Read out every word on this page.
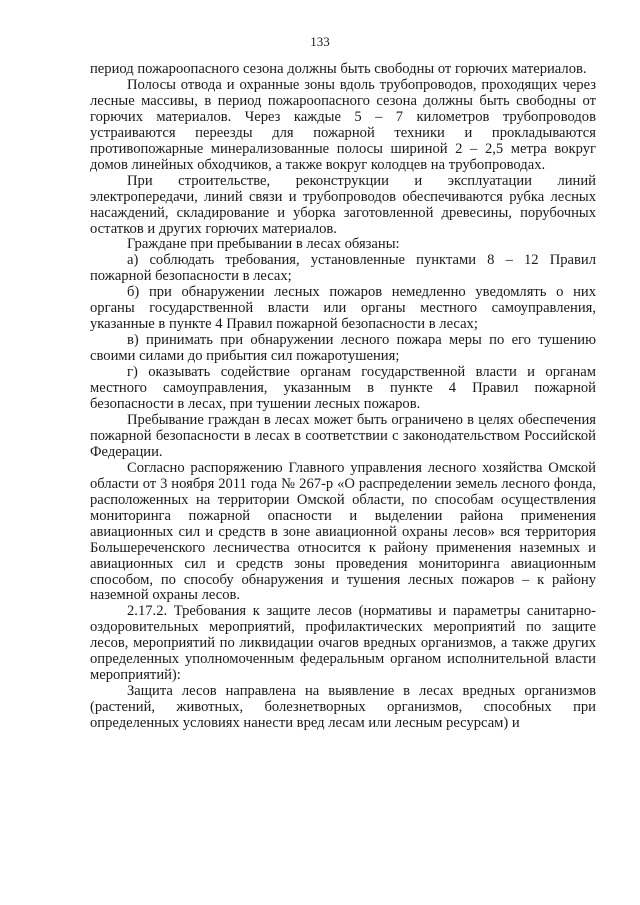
133

период пожароопасного сезона должны быть свободны от горючих материалов.

Полосы отвода и охранные зоны вдоль трубопроводов, проходящих через лесные массивы, в период пожароопасного сезона должны быть свободны от горючих материалов. Через каждые 5 – 7 километров трубопроводов устраиваются переезды для пожарной техники и прокладываются противопожарные минерализованные полосы шириной 2 – 2,5 метра вокруг домов линейных обходчиков, а также вокруг колодцев на трубопроводах.

При строительстве, реконструкции и эксплуатации линий электропередачи, линий связи и трубопроводов обеспечиваются рубка лесных насаждений, складирование и уборка заготовленной древесины, порубочных остатков и других горючих материалов.

Граждане при пребывании в лесах обязаны:

а) соблюдать требования, установленные пунктами 8 – 12 Правил пожарной безопасности в лесах;

б) при обнаружении лесных пожаров немедленно уведомлять о них органы государственной власти или органы местного самоуправления, указанные в пункте 4 Правил пожарной безопасности в лесах;

в) принимать при обнаружении лесного пожара меры по его тушению своими силами до прибытия сил пожаротушения;

г) оказывать содействие органам государственной власти и органам местного самоуправления, указанным в пункте 4 Правил пожарной безопасности в лесах, при тушении лесных пожаров.

Пребывание граждан в лесах может быть ограничено в целях обеспечения пожарной безопасности в лесах в соответствии с законодательством Российской Федерации.

Согласно распоряжению Главного управления лесного хозяйства Омской области от 3 ноября 2011 года № 267-р «О распределении земель лесного фонда, расположенных на территории Омской области, по способам осуществления мониторинга пожарной опасности и выделении района применения авиационных сил и средств в зоне авиационной охраны лесов» вся территория Большереченского лесничества относится к району применения наземных и авиационных сил и средств зоны проведения мониторинга авиационным способом, по способу обнаружения и тушения лесных пожаров – к району наземной охраны лесов.

2.17.2. Требования к защите лесов (нормативы и параметры санитарно-оздоровительных мероприятий, профилактических мероприятий по защите лесов, мероприятий по ликвидации очагов вредных организмов, а также других определенных уполномоченным федеральным органом исполнительной власти мероприятий):

Защита лесов направлена на выявление в лесах вредных организмов (растений, животных, болезнетворных организмов, способных при определенных условиях нанести вред лесам или лесным ресурсам) и
